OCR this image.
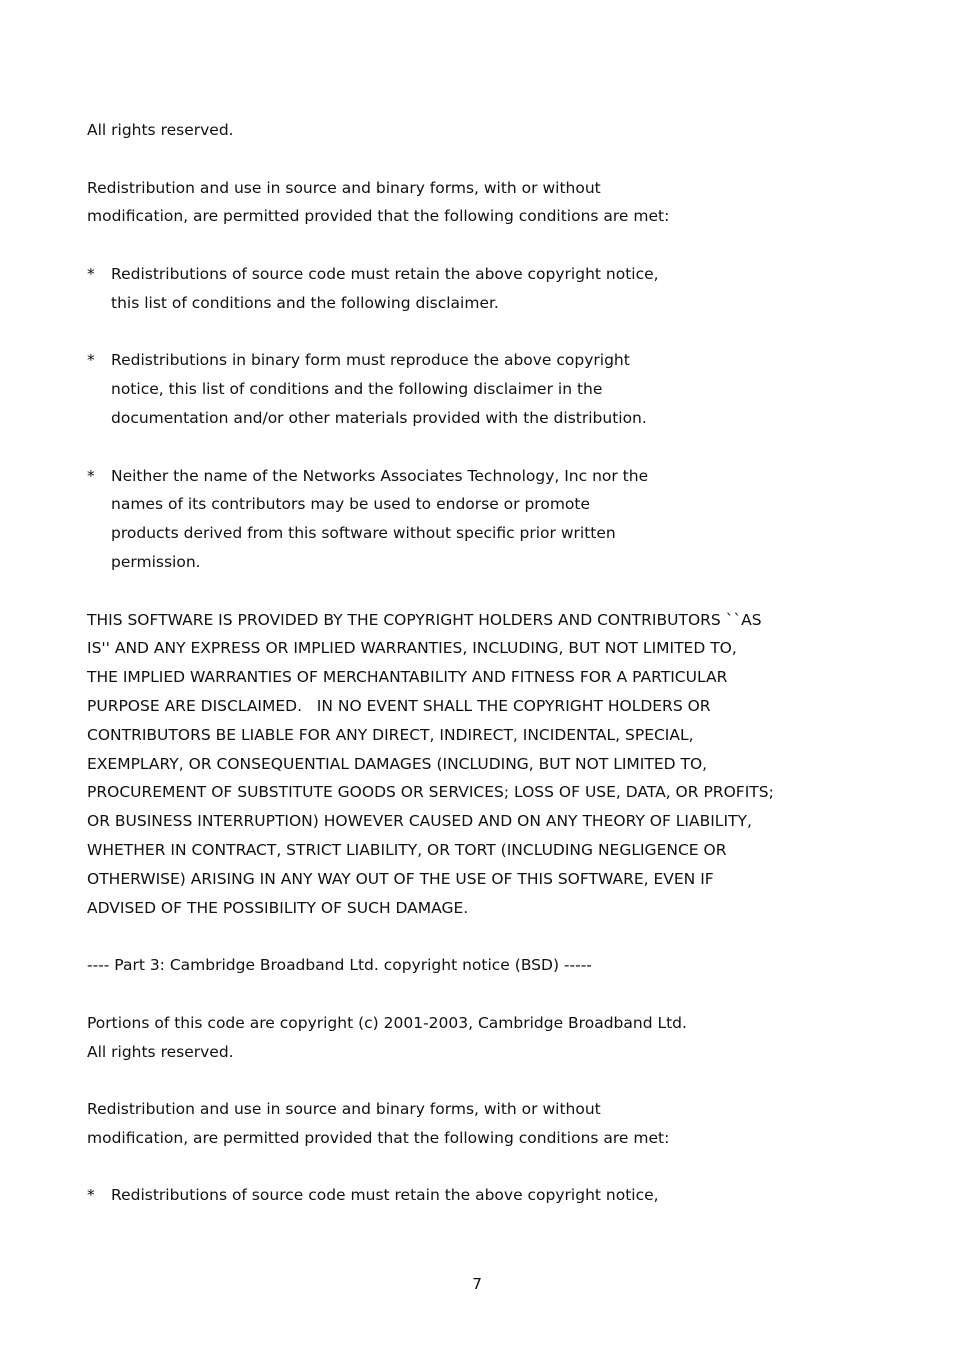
All rights reserved.
Redistribution and use in source and binary forms, with or without
modification, are permitted provided that the following conditions are met:
* Redistributions of source code must retain the above copyright notice,
this list of conditions and the following disclaimer.
* Redistributions in binary form must reproduce the above copyright
notice, this list of conditions and the following disclaimer in the
documentation and/or other materials provided with the distribution.
* Neither the name of the Networks Associates Technology, Inc nor the
names of its contributors may be used to endorse or promote
products derived from this software without specific prior written
permission.
THIS SOFTWARE IS PROVIDED BY THE COPYRIGHT HOLDERS AND CONTRIBUTORS ``AS
IS'' AND ANY EXPRESS OR IMPLIED WARRANTIES, INCLUDING, BUT NOT LIMITED TO,
THE IMPLIED WARRANTIES OF MERCHANTABILITY AND FITNESS FOR A PARTICULAR
PURPOSE ARE DISCLAIMED.   IN NO EVENT SHALL THE COPYRIGHT HOLDERS OR
CONTRIBUTORS BE LIABLE FOR ANY DIRECT, INDIRECT, INCIDENTAL, SPECIAL,
EXEMPLARY, OR CONSEQUENTIAL DAMAGES (INCLUDING, BUT NOT LIMITED TO,
PROCUREMENT OF SUBSTITUTE GOODS OR SERVICES; LOSS OF USE, DATA, OR PROFITS;
OR BUSINESS INTERRUPTION) HOWEVER CAUSED AND ON ANY THEORY OF LIABILITY,
WHETHER IN CONTRACT, STRICT LIABILITY, OR TORT (INCLUDING NEGLIGENCE OR
OTHERWISE) ARISING IN ANY WAY OUT OF THE USE OF THIS SOFTWARE, EVEN IF
ADVISED OF THE POSSIBILITY OF SUCH DAMAGE.
---- Part 3: Cambridge Broadband Ltd. copyright notice (BSD) -----
Portions of this code are copyright (c) 2001-2003, Cambridge Broadband Ltd.
All rights reserved.
Redistribution and use in source and binary forms, with or without
modification, are permitted provided that the following conditions are met:
* Redistributions of source code must retain the above copyright notice,
7
